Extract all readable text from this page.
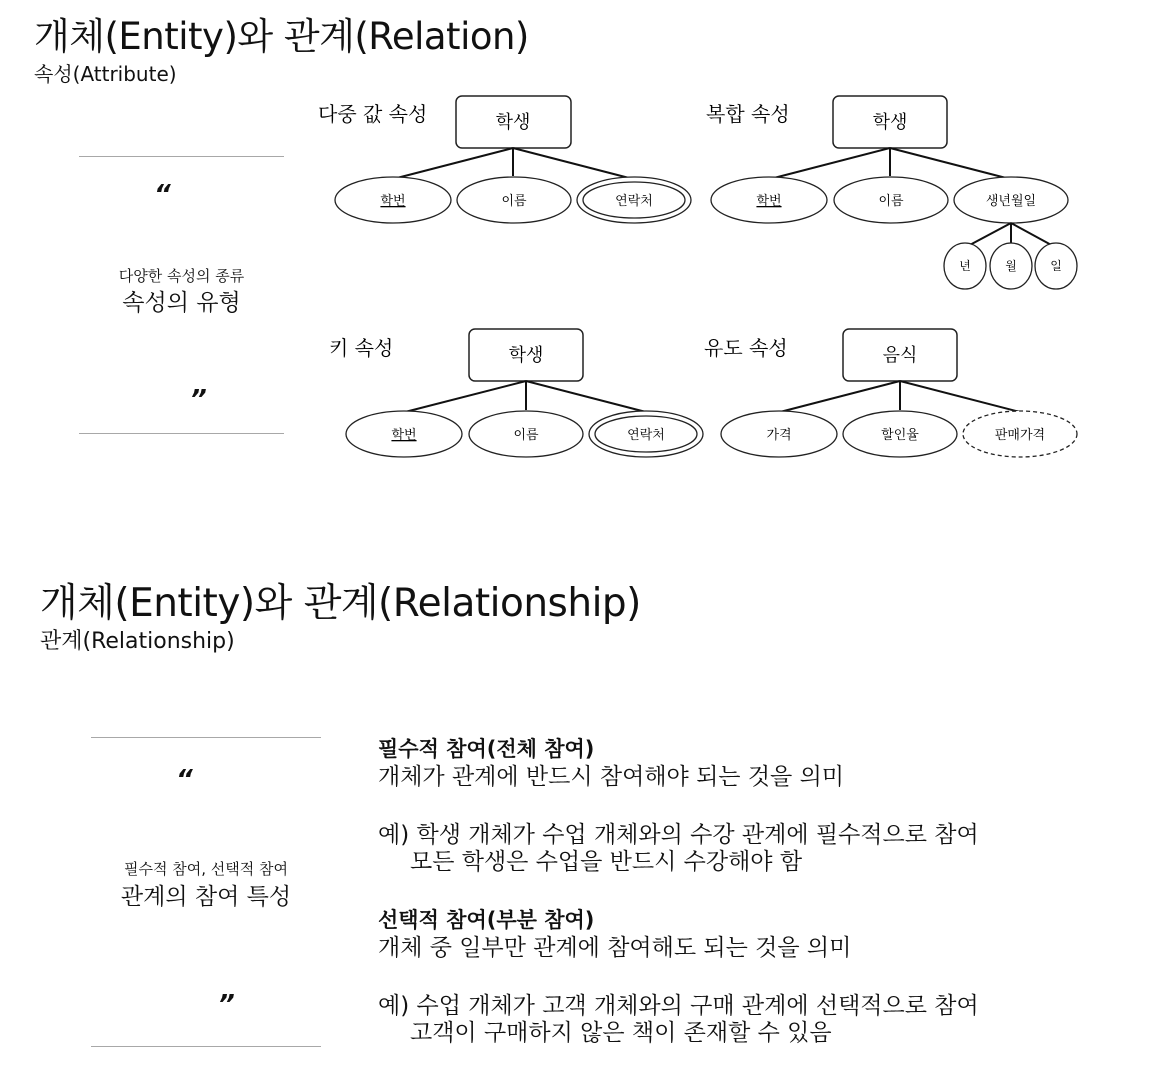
개체(Entity)와 관계(Relation)
속성(Attribute)
“
다양한 속성의 종류
속성의 유형
”
다중 값 속성	학생
학번	이름	연락처
복합 속성	학생
학번	이름	생년월일
년	월	일
키 속성	학생
학번	이름	연락처
유도 속성	음식
가격	할인율	판매가격
개체(Entity)와 관계(Relationship)
관계(Relationship)
“
필수적 참여, 선택적 참여
관계의 참여 특성
”
필수적 참여(전체 참여)
개체가 관계에 반드시 참여해야 되는 것을 의미
예) 학생 개체가 수업 개체와의 수강 관계에 필수적으로 참여
모든 학생은 수업을 반드시 수강해야 함
선택적 참여(부분 참여)
개체 중 일부만 관계에 참여해도 되는 것을 의미
예) 수업 개체가 고객 개체와의 구매 관계에 선택적으로 참여
고객이 구매하지 않은 책이 존재할 수 있음
